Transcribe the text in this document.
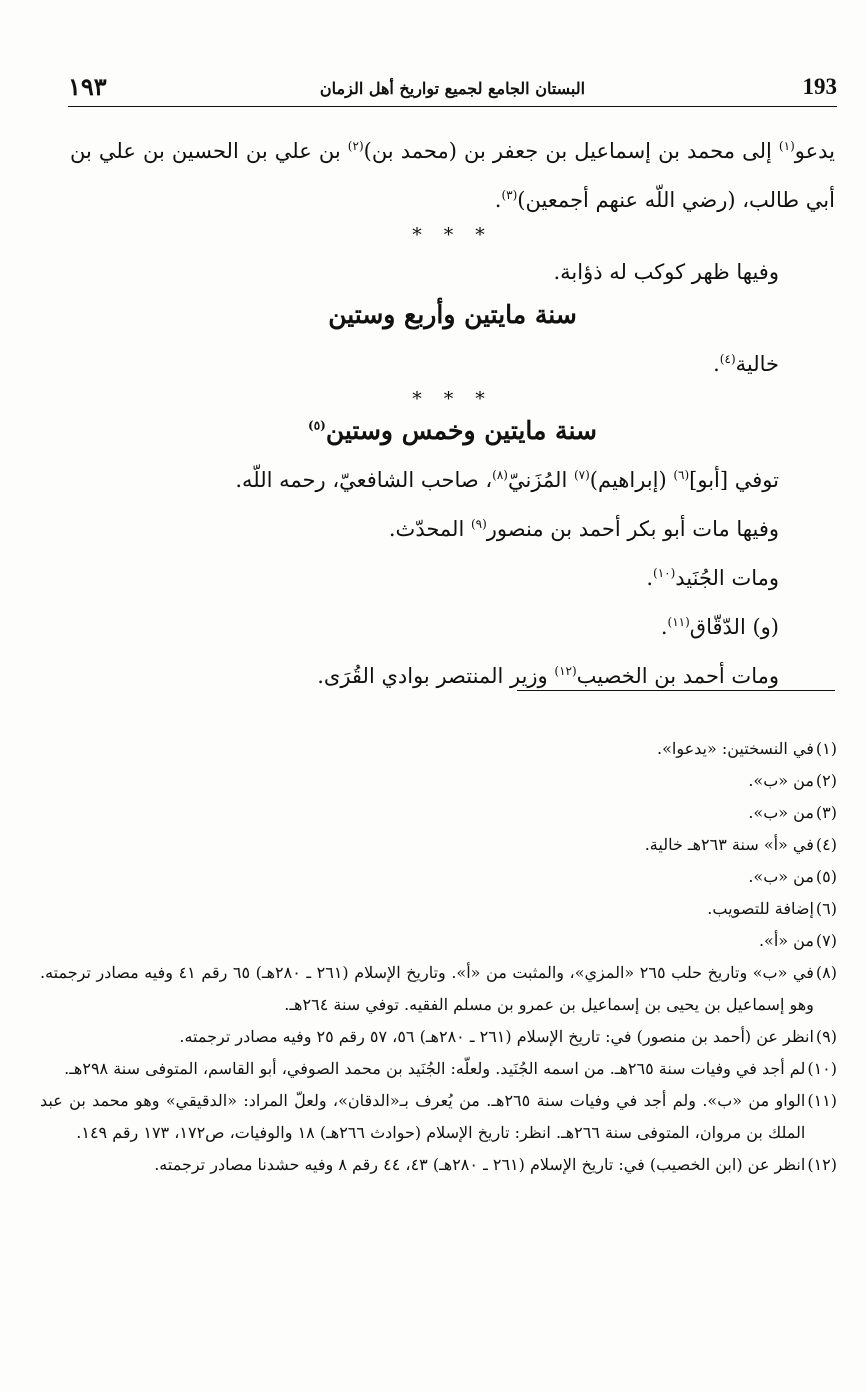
193
البستان الجامع لجميع تواريخ أهل الزمان
١٩٣

يدعو$^{(١)}$ إلى محمد بن إسماعيل بن جعفر بن (محمد بن)$^{(٢)}$ بن علي بن الحسين بن علي بن أبي طالب، (رضي اللّه عنهم أجمعين)$^{(٣)}$.

* * *

وفيها ظهر كوكب له ذؤابة.

سنة مايتين وأربع وستين

خالية$^{(٤)}$.

* * *
سنة مايتين وخمس وستين$^{(٥)}$

توفي [أبو]$^{(٦)}$ (إبراهيم)$^{(٧)}$ المُزَنيّ$^{(٨)}$، صاحب الشافعيّ، رحمه اللّه.

وفيها مات أبو بكر أحمد بن منصور$^{(٩)}$ المحدّث.

ومات الجُنَيد$^{(١٠)}$.

(و) الدّقّاق$^{(١١)}$.

ومات أحمد بن الخصيب$^{(١٢)}$ وزير المنتصر بوادي القُرَى.

(١)
في النسختين: «يدعوا».
(٢)
من «ب».
(٣)
من «ب».
(٤)
في «أ» سنة ٢٦٣هـ خالية.
(٥)
من «ب».
(٦)
إضافة للتصويب.
(٧)
من «أ».
(٨)
في «ب» وتاريخ حلب ٢٦٥ «المزي»، والمثبت من «أ». وتاريخ الإسلام (٢٦١ ـ ٢٨٠هـ) ٦٥ رقم ٤١ وفيه مصادر ترجمته. وهو إسماعيل بن يحيى بن إسماعيل بن عمرو بن مسلم الفقيه. توفي سنة ٢٦٤هـ.
(٩)
انظر عن (أحمد بن منصور) في: تاريخ الإسلام (٢٦١ ـ ٢٨٠هـ) ٥٦، ٥٧ رقم ٢٥ وفيه مصادر ترجمته.
(١٠)
لم أجد في وفيات سنة ٢٦٥هـ. من اسمه الجُنَيد. ولعلّه: الجُنَيد بن محمد الصوفي، أبو القاسم، المتوفى سنة ٢٩٨هـ.
(١١)
الواو من «ب». ولم أجد في وفيات سنة ٢٦٥هـ. من يُعرف بـ«الدقان»، ولعلّ المراد: «الدقيقي» وهو محمد بن عبد الملك بن مروان، المتوفى سنة ٢٦٦هـ. انظر: تاريخ الإسلام (حوادث ٢٦٦هـ) ١٨ والوفيات، ص١٧٢، ١٧٣ رقم ١٤٩.
(١٢)
انظر عن (ابن الخصيب) في: تاريخ الإسلام (٢٦١ ـ ٢٨٠هـ) ٤٣، ٤٤ رقم ٨ وفيه حشدنا مصادر ترجمته.
